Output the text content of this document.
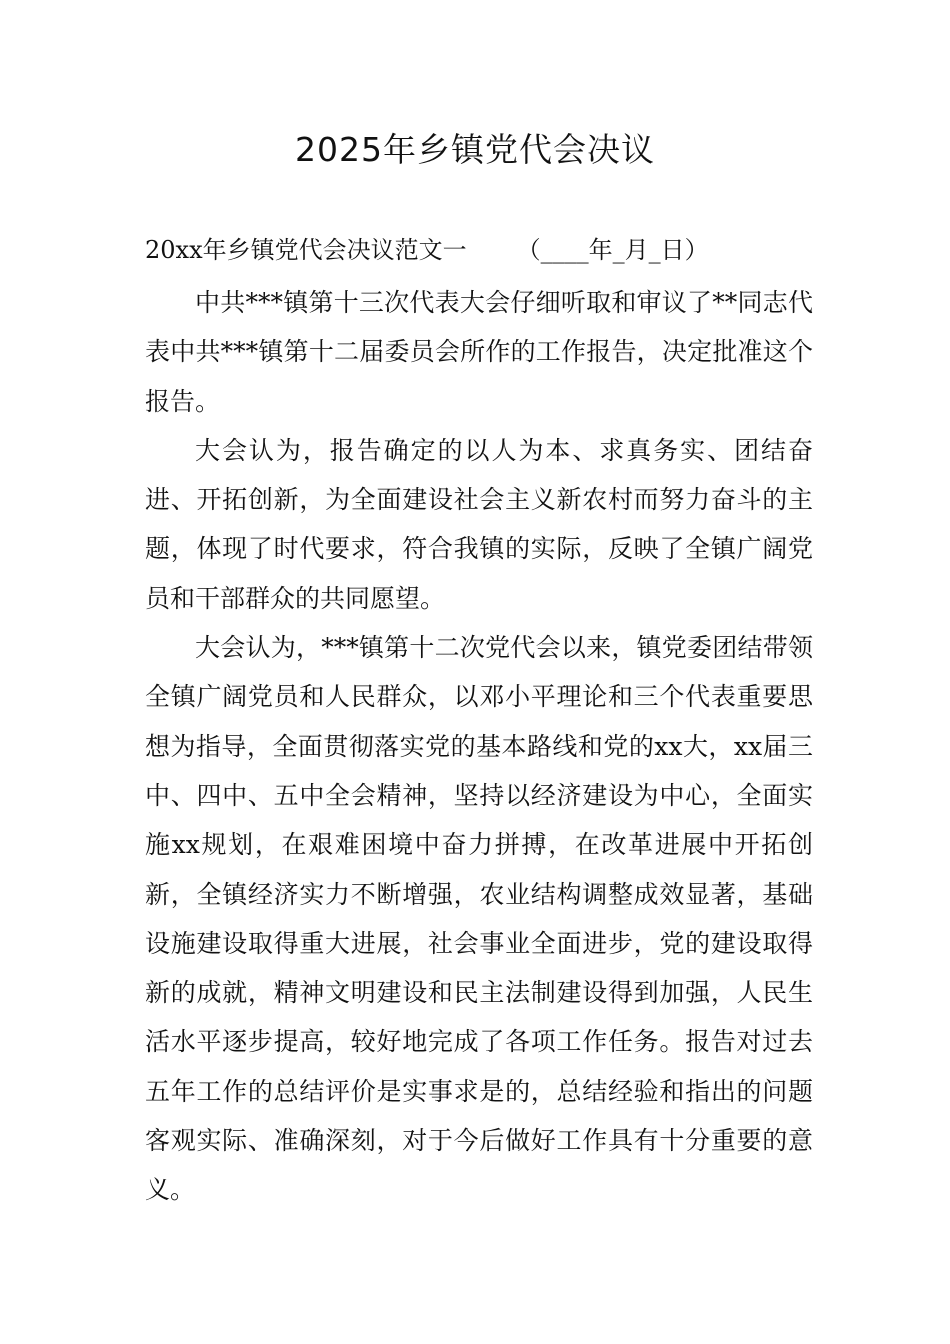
2025年乡镇党代会决议
20xx年乡镇党代会决议范文一 （____年_月_日）

中共***镇第十三次代表大会仔细听取和审议了**同志代表中共***镇第十二届委员会所作的工作报告，决定批准这个报告。

大会认为，报告确定的以人为本、求真务实、团结奋进、开拓创新，为全面建设社会主义新农村而努力奋斗的主题，体现了时代要求，符合我镇的实际，反映了全镇广阔党员和干部群众的共同愿望。

大会认为，***镇第十二次党代会以来，镇党委团结带领全镇广阔党员和人民群众，以邓小平理论和三个代表重要思想为指导，全面贯彻落实党的基本路线和党的xx大，xx届三中、四中、五中全会精神，坚持以经济建设为中心，全面实施xx规划，在艰难困境中奋力拼搏，在改革进展中开拓创新，全镇经济实力不断增强，农业结构调整成效显著，基础设施建设取得重大进展，社会事业全面进步，党的建设取得新的成就，精神文明建设和民主法制建设得到加强，人民生活水平逐步提高，较好地完成了各项工作任务。报告对过去五年工作的总结评价是实事求是的，总结经验和指出的问题客观实际、准确深刻，对于今后做好工作具有十分重要的意义。
